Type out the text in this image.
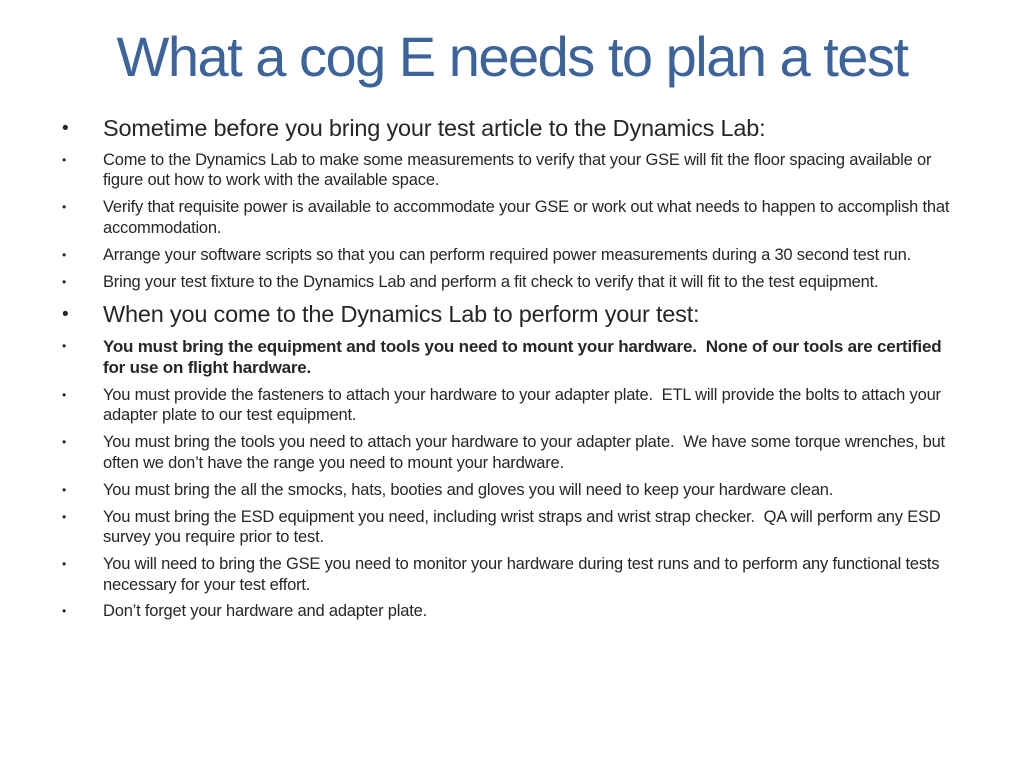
What a cog E needs to plan a test
•	Sometime before you bring your test article to the Dynamics Lab:
•	Come to the Dynamics Lab to make some measurements to verify that your GSE will fit the floor spacing available or figure out how to work with the available space.
•	Verify that requisite power is available to accommodate your GSE or work out what needs to happen to accomplish that accommodation.
•	Arrange your software scripts so that you can perform required power measurements during a 30 second test run.
•	Bring your test fixture to the Dynamics Lab and perform a fit check to verify that it will fit to the test equipment.
•	When you come to the Dynamics Lab to perform your test:
•	You must bring the equipment and tools you need to mount your hardware.  None of our tools are certified for use on flight hardware.
•	You must provide the fasteners to attach your hardware to your adapter plate.  ETL will provide the bolts to attach your adapter plate to our test equipment.
•	You must bring the tools you need to attach your hardware to your adapter plate.  We have some torque wrenches, but often we don’t have the range you need to mount your hardware.
•	You must bring the all the smocks, hats, booties and gloves you will need to keep your hardware clean.
•	You must bring the ESD equipment you need, including wrist straps and wrist strap checker.  QA will perform any ESD survey you require prior to test.
•	You will need to bring the GSE you need to monitor your hardware during test runs and to perform any functional tests necessary for your test effort.
•	Don’t forget your hardware and adapter plate.
